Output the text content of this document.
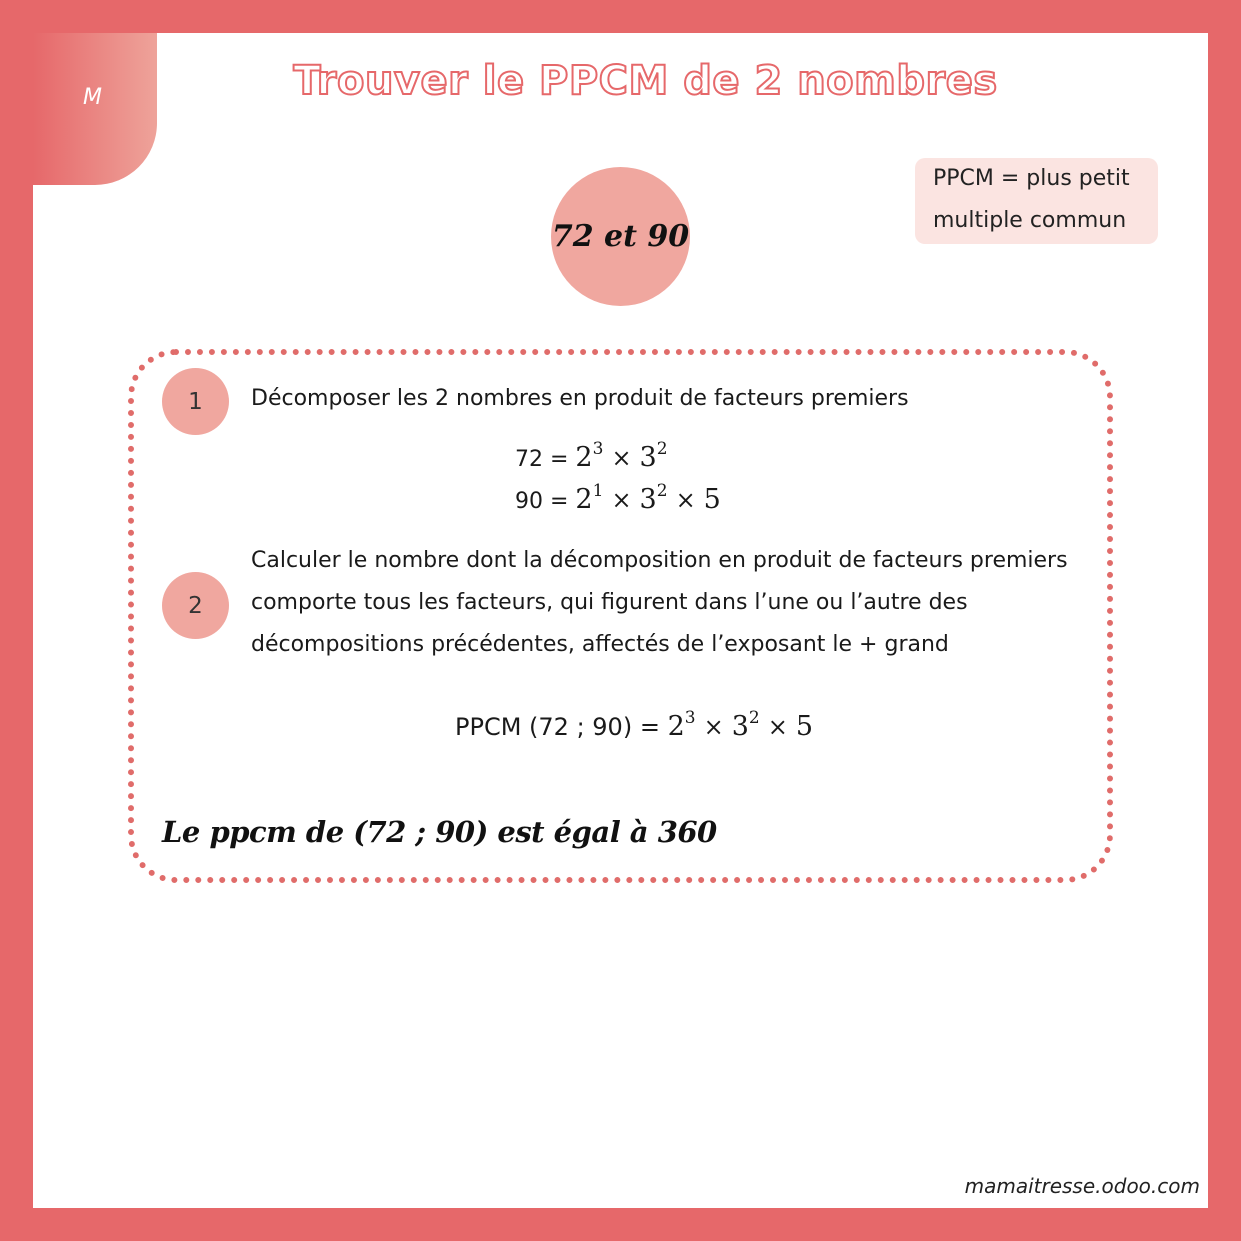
M	Trouver le PPCM de 2 nombres
72 et 90
PPCM = plus petit multiple commun
1	Décomposer les 2 nombres en produit de facteurs premiers
$72 = 2^3 \times 3^2$
$90 = 2^1 \times 3^2 \times 5$
2
Calculer le nombre dont la décomposition en produit de facteurs premiers comporte tous les facteurs, qui figurent dans l’une ou l’autre des décompositions précédentes, affectés de l’exposant le + grand
PPCM (72 ; $90) = 2^3 \times 3^2 \times 5$
Le ppcm de (72 ; 90) est égal à 360
mamaitresse.odoo.com
